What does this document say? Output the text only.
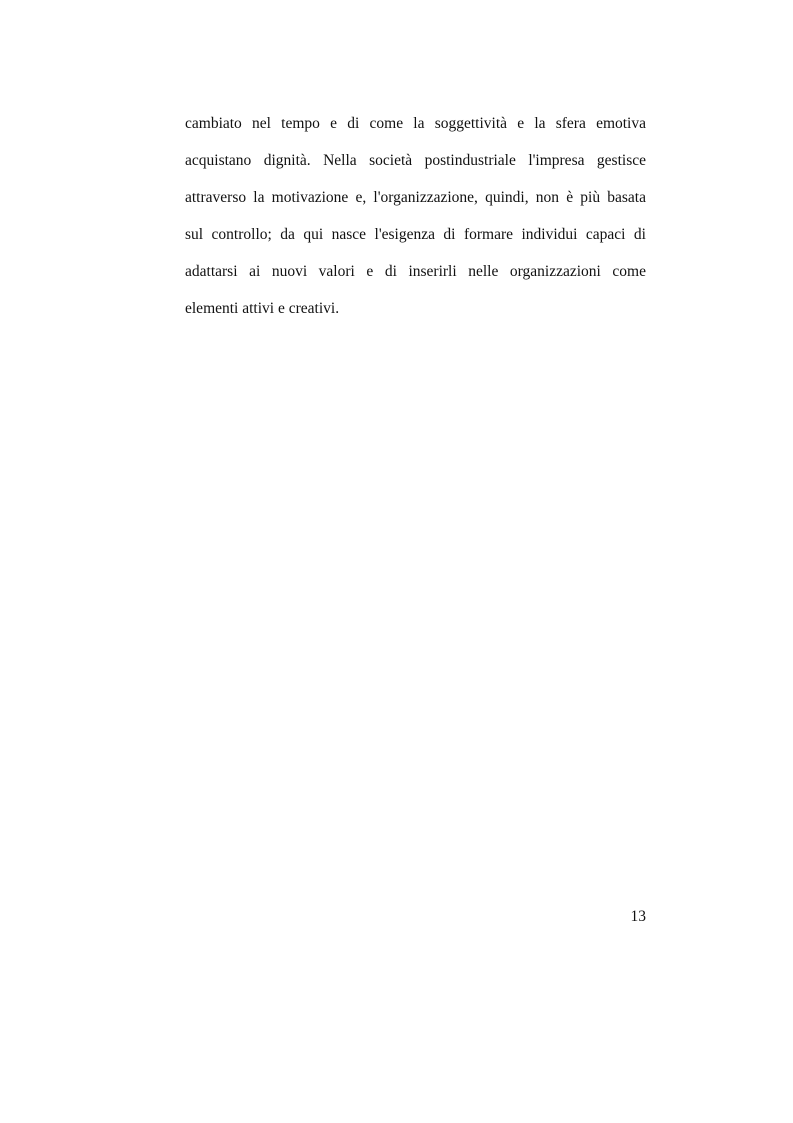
cambiato nel tempo e di come la soggettività e la sfera emotiva
acquistano dignità. Nella società postindustriale l'impresa gestisce
attraverso la motivazione e, l'organizzazione, quindi, non è più basata
sul controllo; da qui nasce l'esigenza di formare individui capaci di
adattarsi ai nuovi valori e di inserirli nelle organizzazioni come
elementi attivi e creativi.
13
